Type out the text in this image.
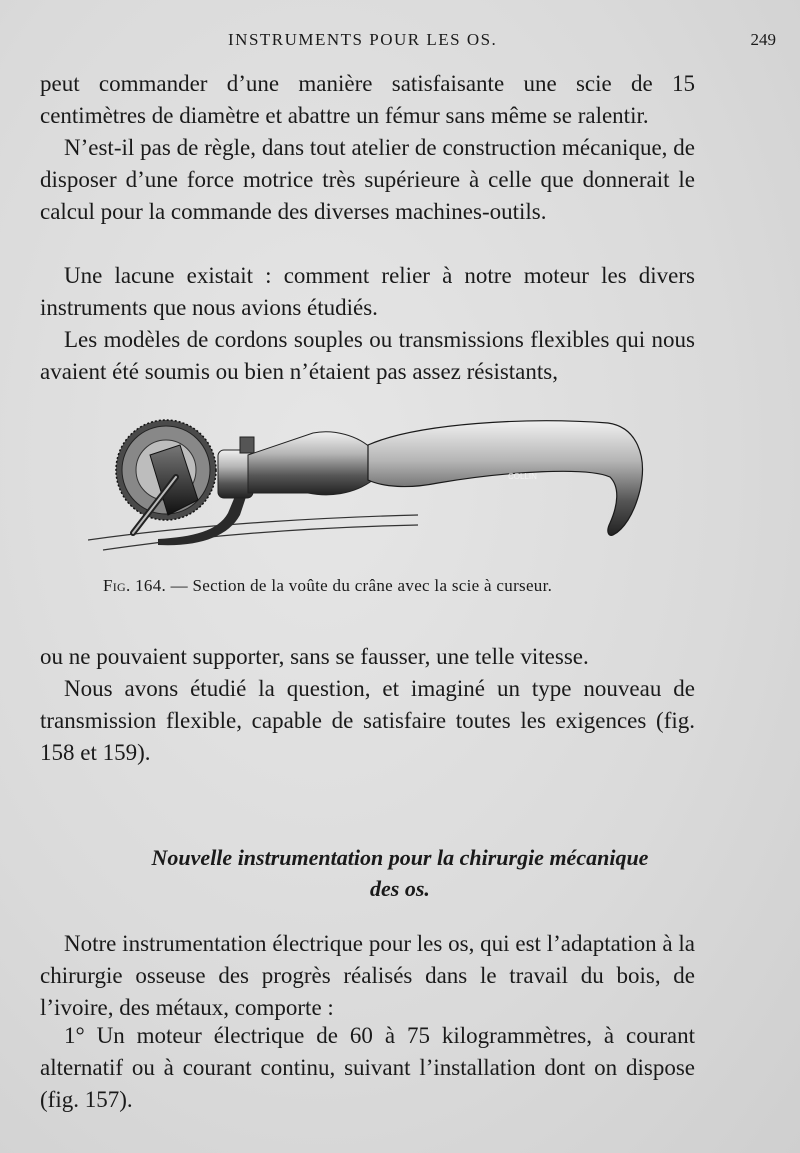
INSTRUMENTS POUR LES OS.	249

peut commander d’une manière satisfaisante une scie de 15 centimètres de diamètre et abattre un fémur sans même se ralentir.

N’est-il pas de règle, dans tout atelier de construction mécanique, de disposer d’une force motrice très supérieure à celle que donnerait le calcul pour la commande des diverses machines-outils.

Une lacune existait : comment relier à notre moteur les divers instruments que nous avions étudiés.

Les modèles de cordons souples ou transmissions flexibles qui nous avaient été soumis ou bien n’étaient pas assez résistants,

COLLIN
Fig. 164. — Section de la voûte du crâne avec la scie à curseur.

ou ne pouvaient supporter, sans se fausser, une telle vitesse.

Nous avons étudié la question, et imaginé un type nouveau de transmission flexible, capable de satisfaire toutes les exigences (fig. 158 et 159).

Nouvelle instrumentation pour la chirurgie mécanique
des os.

Notre instrumentation électrique pour les os, qui est l’adaptation à la chirurgie osseuse des progrès réalisés dans le travail du bois, de l’ivoire, des métaux, comporte :

1° Un moteur électrique de 60 à 75 kilogrammètres, à courant alternatif ou à courant continu, suivant l’installation dont on dispose (fig. 157).
